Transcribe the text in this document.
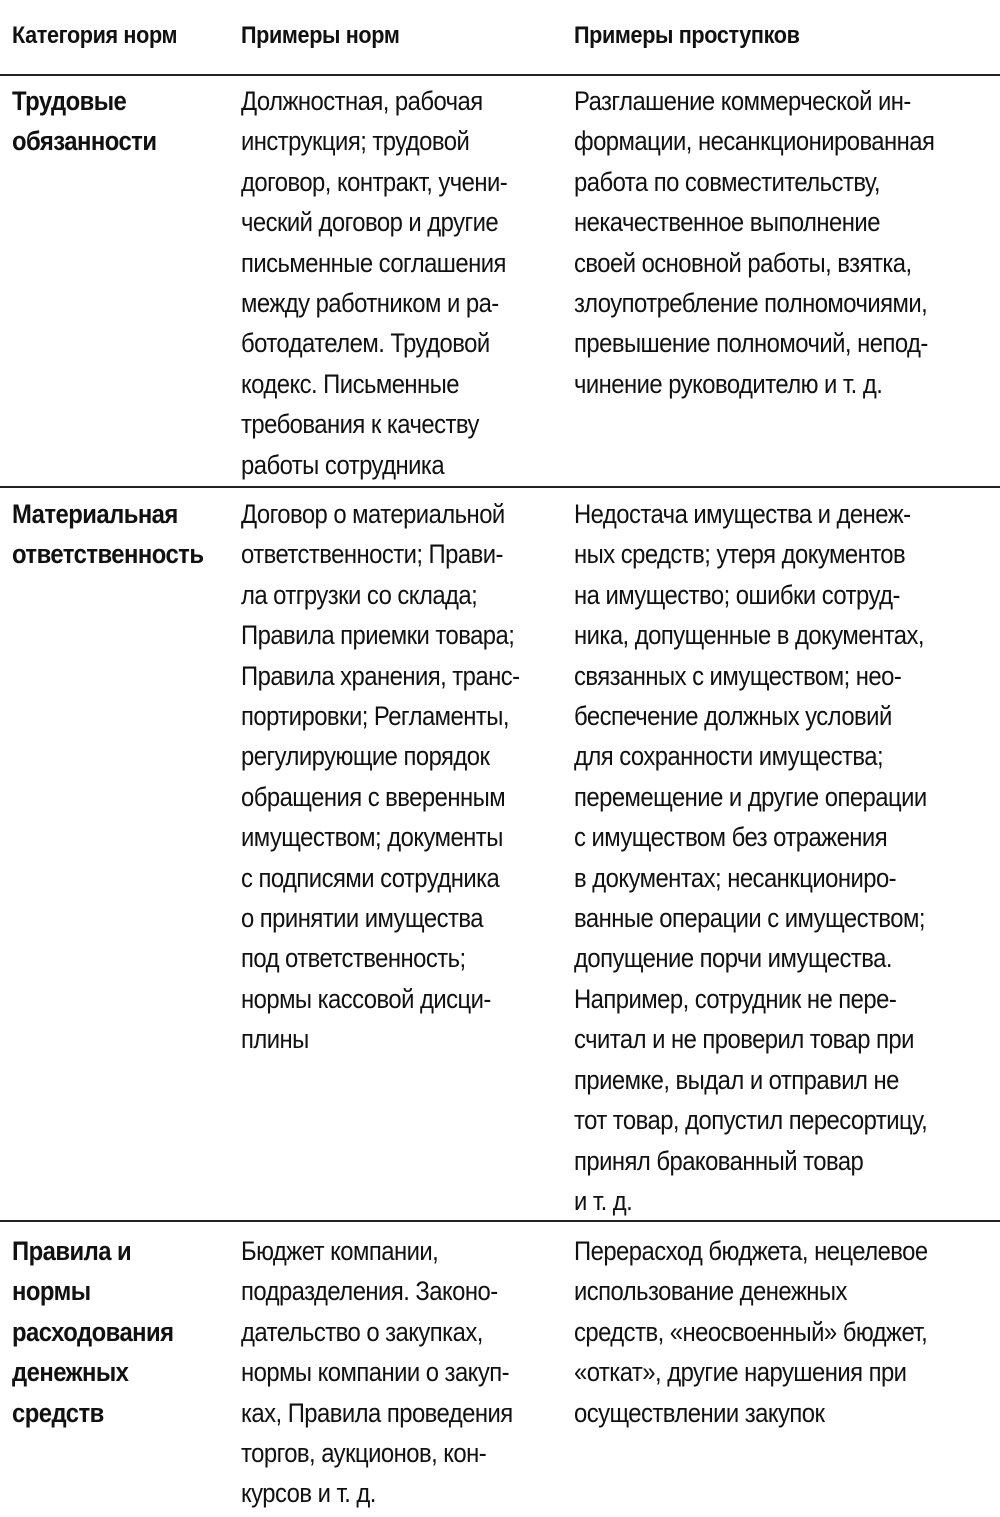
Категория норм	Примеры норм	Примеры проступков
Трудовые
обязанности
Должностная, рабочая
инструкция; трудовой
договор, контракт, учени-
ческий договор и другие
письменные соглашения
между работником и ра-
ботодателем. Трудовой
кодекс. Письменные
требования к качеству
работы сотрудника
Разглашение коммерческой ин-
формации, несанкционированная
работа по совместительству,
некачественное выполнение
своей основной работы, взятка,
злоупотребление полномочиями,
превышение полномочий, непод-
чинение руководителю и т. д.
Материальная
ответственность
Договор о материальной
ответственности; Прави-
ла отгрузки со склада;
Правила приемки товара;
Правила хранения, транс-
портировки; Регламенты,
регулирующие порядок
обращения с вверенным
имуществом; документы
с подписями сотрудника
о принятии имущества
под ответственность;
нормы кассовой дисци-
плины
Недостача имущества и денеж-
ных средств; утеря документов
на имущество; ошибки сотруд-
ника, допущенные в документах,
связанных с имуществом; нео-
беспечение должных условий
для сохранности имущества;
перемещение и другие операции
с имуществом без отражения
в документах; несанкциониро-
ванные операции с имуществом;
допущение порчи имущества.
Например, сотрудник не пере-
считал и не проверил товар при
приемке, выдал и отправил не
тот товар, допустил пересортицу,
принял бракованный товар
и т. д.
Правила и нормы
расходования
денежных
средств
Бюджет компании,
подразделения. Законо-
дательство о закупках,
нормы компании о закуп-
ках, Правила проведения
торгов, аукционов, кон-
курсов и т. д.
Перерасход бюджета, нецелевое
использование денежных
средств, «неосвоенный» бюджет,
«откат», другие нарушения при
осуществлении закупок
